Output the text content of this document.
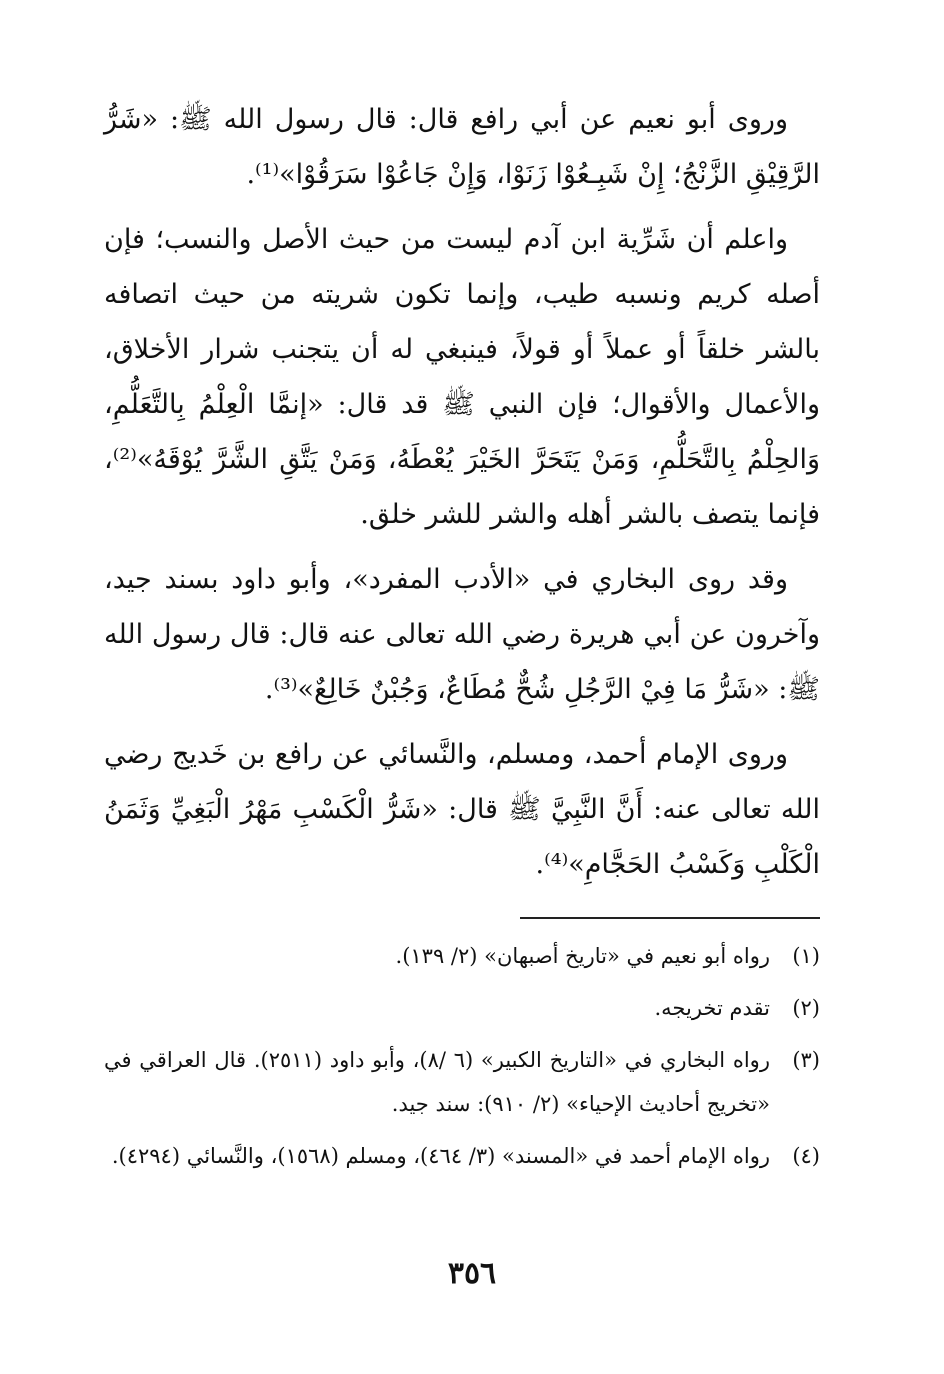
وروى أبو نعيم عن أبي رافع قال: قال رسول الله ﷺ: «شَرُّ الرَّقِيْقِ الزَّنْجُ؛ إِنْ شَبِـعُوْا زَنَوْا، وَإِنْ جَاعُوْا سَرَقُوْا»⁽¹⁾.

واعلم أن شَرِّية ابن آدم ليست من حيث الأصل والنسب؛ فإن أصله كريم ونسبه طيب، وإنما تكون شريته من حيث اتصافه بالشر خلقاً أو عملاً أو قولاً، فينبغي له أن يتجنب شرار الأخلاق، والأعمال والأقوال؛ فإن النبي ﷺ قد قال: «إنمَّا الْعِلْمُ بِالتَّعَلُّمِ، وَالحِلْمُ بِالتَّحَلُّمِ، وَمَنْ يَتَحَرَّ الخَيْرَ يُعْطَهُ، وَمَنْ يَتَّقِ الشَّرَّ يُوْقَهُ»⁽²⁾، فإنما يتصف بالشر أهله والشر للشر خلق.

وقد روى البخاري في «الأدب المفرد»، وأبو داود بسند جيد، وآخرون عن أبي هريرة رضي الله تعالى عنه قال: قال رسول الله ﷺ: «شَرُّ مَا فِيْ الرَّجُلِ شُحٌّ مُطَاعٌ، وَجُبْنٌ خَالِعٌ»⁽³⁾.

وروى الإمام أحمد، ومسلم، والنَّسائي عن رافع بن خَديج رضي الله تعالى عنه: أَنَّ النَّبِيَّ ﷺ قال: «شَرُّ الْكَسْبِ مَهْرُ الْبَغِيِّ وَثَمَنُ الْكَلْبِ وَكَسْبُ الحَجَّامِ»⁽⁴⁾.

(١)
رواه أبو نعيم في «تاريخ أصبهان» (٢/ ١٣٩).
(٢)
تقدم تخريجه.
(٣)
رواه البخاري في «التاريخ الكبير» (٦ /٨)، وأبو داود (٢٥١١). قال العراقي في «تخريج أحاديث الإحياء» (٢/ ٩١٠): سند جيد.
(٤)
رواه الإمام أحمد في «المسند» (٣/ ٤٦٤)، ومسلم (١٥٦٨)، والنَّسائي (٤٢٩٤).
٣٥٦
